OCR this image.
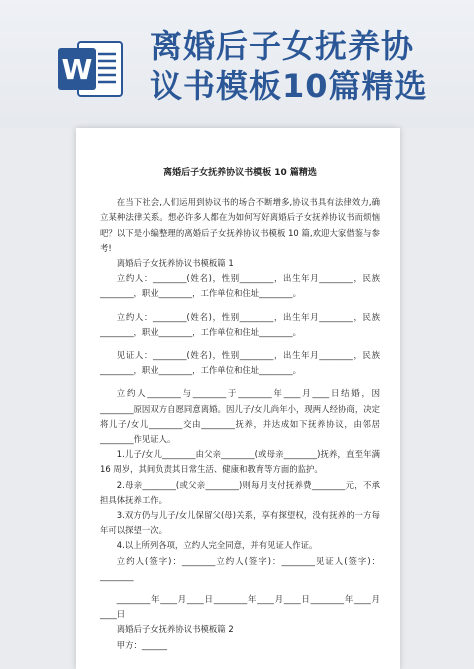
W
离婚后子女抚养协
议书模板10篇精选
离婚后子女抚养协议书模板 10 篇精选

在当下社会,人们运用到协议书的场合不断增多,协议书具有法律效力,确立某种法律关系。想必许多人都在为如何写好离婚后子女抚养协议书而烦恼吧？以下是小编整理的离婚后子女抚养协议书模板 10 篇,欢迎大家借鉴与参考!

离婚后子女抚养协议书模板篇 1

立约人：________(姓名)，性别________，出生年月________，民族________，职业________，工作单位和住址________。

立约人：________(姓名)，性别________，出生年月________，民族________，职业________，工作单位和住址________。

见证人：________(姓名)，性别________，出生年月________，民族________，职业________，工作单位和住址________。

立约人________与________于________年____月____日结婚，因________原因双方自愿同意离婚。因儿子/女儿尚年小，现两人经协商，决定将儿子/女儿________交由________抚养，并达成如下抚养协议，由邻居________作见证人。

1.儿子/女儿________由父亲________(或母亲________)抚养，直至年满 16 周岁，其间负责其日常生活、健康和教育等方面的监护。

2.母亲________(或父亲________)则每月支付抚养费________元，不承担具体抚养工作。

3.双方仍与儿子/女儿保留父(母)关系，享有探望权，没有抚养的一方每年可以探望一次。

4.以上所列各项，立约人完全同意，并有见证人作证。

立约人(签字)：________立约人(签字)：________见证人(签字)：________

________年____月____日________年____月____日________年____月____日

离婚后子女抚养协议书模板篇 2

甲方：______
